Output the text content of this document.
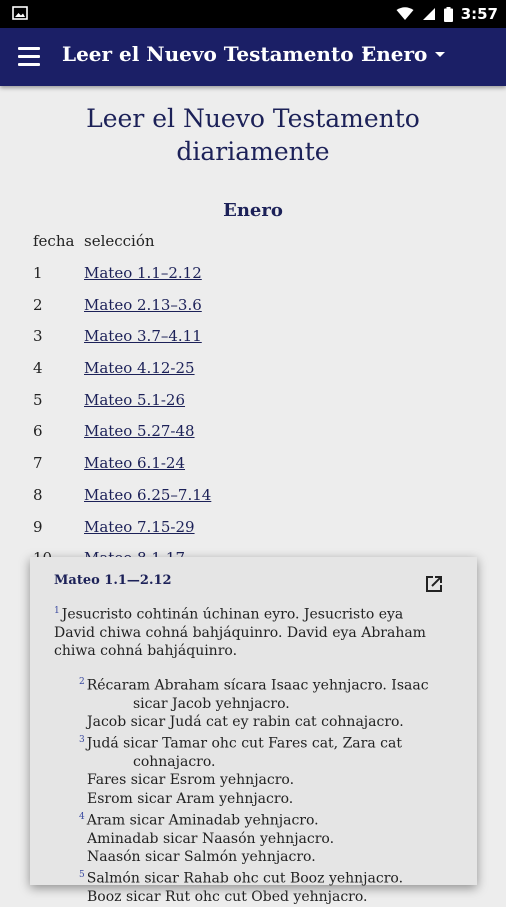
3:57
Leer el Nuevo Testamento Enero
Leer el Nuevo Testamento
diariamente
Enero
fecha selección
1	Mateo 1.1–2.12
2	Mateo 2.13–3.6
3	Mateo 3.7–4.11
4	Mateo 4.12-25
5	Mateo 5.1-26
6	Mateo 5.27-48
7	Mateo 6.1-24
8	Mateo 6.25–7.14
9	Mateo 7.15-29
Mateo 1.1—2.12

$^1$ Jesucristo cohtinán úchinan eyro. Jesucristo eya David chiwa cohná bahjáquinro. David eya Abraham chiwa cohná bahjáquinro.

$^2$ Récaram Abraham sícara Isaac yehnjacro. Isaac
sicar Jacob yehnjacro.
Jacob sicar Judá cat ey rabin cat cohnajacro.
$^3$ Judá sicar Tamar ohc cut Fares cat, Zara cat
cohnajacro.
Fares sicar Esrom yehnjacro.
Esrom sicar Aram yehnjacro.
$^4$ Aram sicar Aminadab yehnjacro.
Aminadab sicar Naasón yehnjacro.
Naasón sicar Salmón yehnjacro.
$^5$ Salmón sicar Rahab ohc cut Booz yehnjacro.
Booz sicar Rut ohc cut Obed yehnjacro.
